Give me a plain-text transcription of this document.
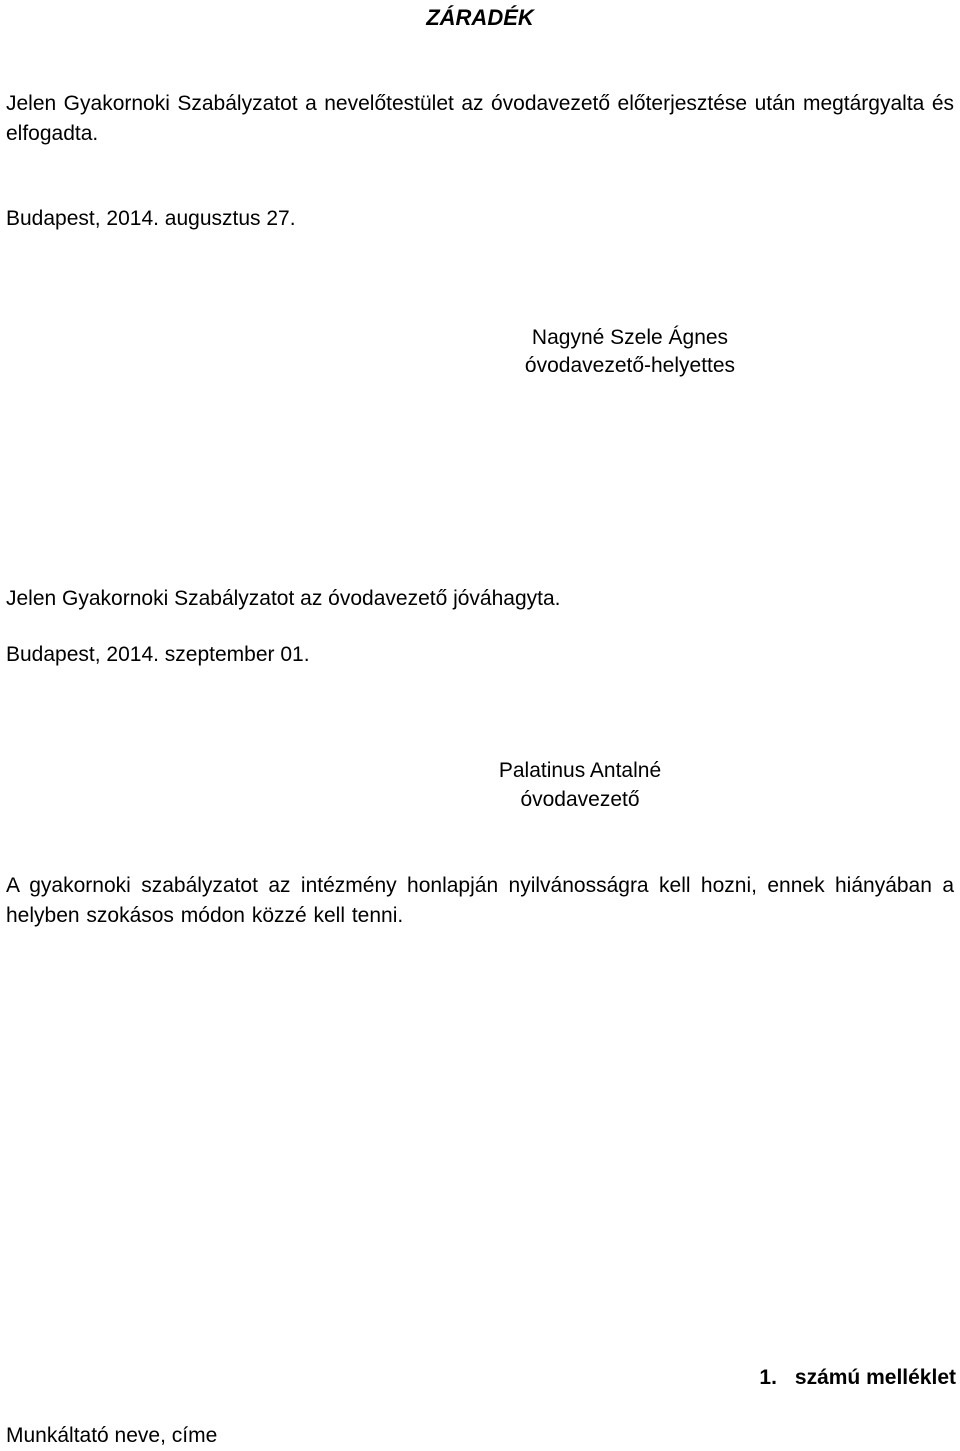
ZÁRADÉK
Jelen Gyakornoki Szabályzatot a nevelőtestület az óvodavezető előterjesztése után megtárgyalta és elfogadta.
Budapest, 2014. augusztus 27.
Nagyné Szele Ágnes
óvodavezető-helyettes
Jelen Gyakornoki Szabályzatot az óvodavezető jóváhagyta.
Budapest, 2014. szeptember 01.
Palatinus Antalné
óvodavezető
A gyakornoki szabályzatot az intézmény honlapján nyilvánosságra kell hozni, ennek hiányában a helyben szokásos módon közzé kell tenni.
1. számú melléklet
Munkáltató neve, címe
